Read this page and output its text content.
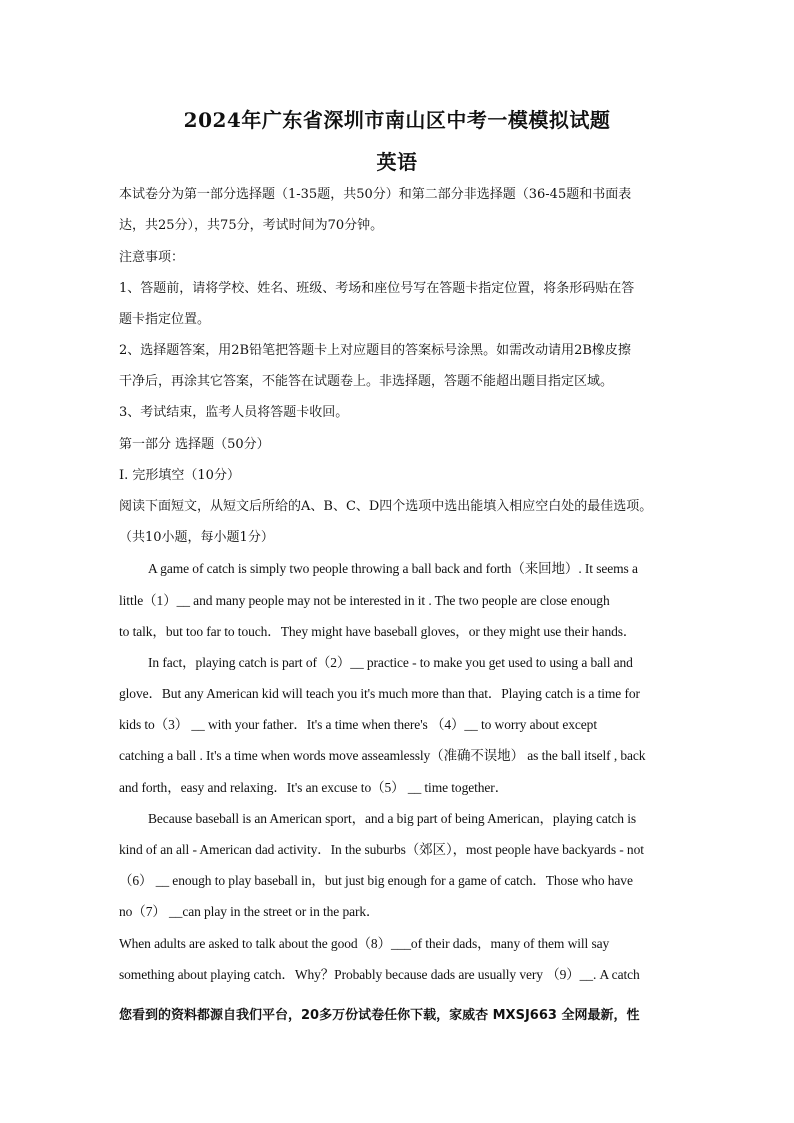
2024年广东省深圳市南山区中考一模模拟试题
英语
本试卷分为第一部分选择题（1-35题，共50分）和第二部分非选择题（36-45题和书面表
达，共25分），共75分，考试时间为70分钟。
注意事项：
1、答题前，请将学校、姓名、班级、考场和座位号写在答题卡指定位置，将条形码贴在答
题卡指定位置。
2、选择题答案，用2B铅笔把答题卡上对应题目的答案标号涂黑。如需改动请用2B橡皮擦
干净后，再涂其它答案，不能答在试题卷上。非选择题，答题不能超出题目指定区域。
3、考试结束，监考人员将答题卡收回。
第一部分 选择题（50分）
Ⅰ. 完形填空（10分）
阅读下面短文，从短文后所给的A、B、C、D四个选项中选出能填入相应空白处的最佳选项。
（共10小题，每小题1分）
A game of catch is simply two people throwing a ball back and forth（来回地）. It seems a
little（1）__ and many people may not be interested in it . The two people are close enough
to talk，but too far to touch．They might have baseball gloves，or they might use their hands．
In fact，playing catch is part of（2）__ practice - to make you get used to using a ball and
glove．But any American kid will teach you it's much more than that．Playing catch is a time for
kids to（3） __ with your father．It's a time when there's （4）__ to worry about except
catching a ball . It's a time when words move asseamlessly（准确不误地） as the ball itself , back
and forth，easy and relaxing．It's an excuse to（5） __ time together．
Because baseball is an American sport，and a big part of being American，playing catch is
kind of an all - American dad activity．In the suburbs（郊区），most people have backyards - not
（6） __ enough to play baseball in，but just big enough for a game of catch．Those who have
no（7） __can play in the street or in the park．
When adults are asked to talk about the good（8）___of their dads，many of them will say
something about playing catch．Why？Probably because dads are usually very （9）__. A catch
您看到的资料都源自我们平台，20多万份试卷任你下载，家威杏 MXSJ663 全网最新，性
